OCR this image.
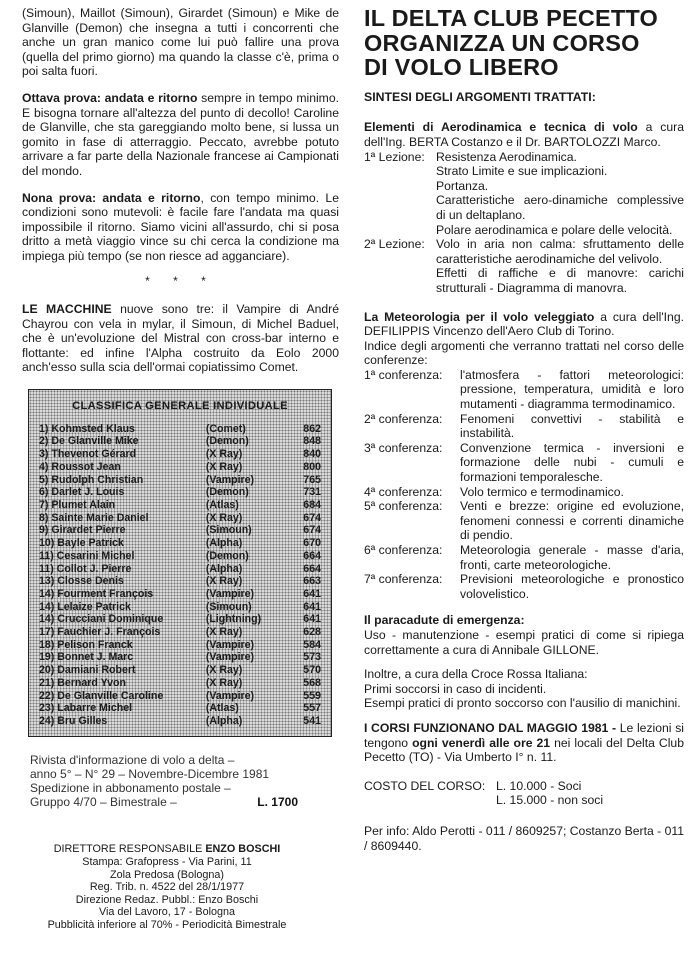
(Simoun), Maillot (Simoun), Girardet (Simoun) e Mike de Glanville (Demon) che insegna a tutti i concorrenti che anche un gran manico come lui può fallire una prova (quella del primo giorno) ma quando la classe c'è, prima o poi salta fuori.

Ottava prova: andata e ritorno sempre in tempo minimo. E bisogna tornare all'altezza del punto di decollo! Caroline de Glanville, che sta gareggiando molto bene, si lussa un gomito in fase di atterraggio. Peccato, avrebbe potuto arrivare a far parte della Nazionale francese ai Campionati del mondo.

Nona prova: andata e ritorno, con tempo minimo. Le condizioni sono mutevoli: è facile fare l'andata ma quasi impossibile il ritorno. Siamo vicini all'assurdo, chi si posa dritto a metà viaggio vince su chi cerca la condizione ma impiega più tempo (se non riesce ad agganciare).

* * *

LE MACCHINE nuove sono tre: il Vampire di André Chayrou con vela in mylar, il Simoun, di Michel Baduel, che è un'evoluzione del Mistral con cross-bar interno e flottante: ed infine l'Alpha costruito da Eolo 2000 anch'esso sulla scia dell'ormai copiatissimo Comet.

CLASSIFICA GENERALE INDIVIDUALE
1) Kohmsted Klaus	(Comet)	862
2) De Glanville Mike	(Demon)	848
3) Thevenot Gérard	(X Ray)	840
4) Roussot Jean	(X Ray)	800
5) Rudolph Christian	(Vampire)	765
6) Darlet J. Louis	(Demon)	731
7) Plumet Alain	(Atlas)	684
8) Sainte Marie Daniel	(X Ray)	674
9) Girardet Pierre	(Simoun)	674
10) Bayle Patrick	(Alpha)	670
11) Cesarini Michel	(Demon)	664
11) Collot J. Pierre	(Alpha)	664
13) Closse Denis	(X Ray)	663
14) Fourment François	(Vampire)	641
14) Lelaize Patrick	(Simoun)	641
14) Crucciani Dominique	(Lightning)	641
17) Fauchier J. François	(X Ray)	628
18) Pelison Franck	(Vampire)	584
19) Bonnet J. Marc	(Vampire)	573
20) Damiani Robert	(X Ray)	570
21) Bernard Yvon	(X Ray)	568
22) De Glanville Caroline	(Vampire)	559
23) Labarre Michel	(Atlas)	557
24) Bru Gilles	(Alpha)	541
Rivista d'informazione di volo a delta –
anno 5° – N° 29 – Novembre-Dicembre 1981
Spedizione in abbonamento postale –
Gruppo 4/70 – Bimestrale –	L. 1700
DIRETTORE RESPONSABILE ENZO BOSCHI
Stampa: Grafopress - Via Parini, 11
Zola Predosa (Bologna)
Reg. Trib. n. 4522 del 28/1/1977
Direzione Redaz. Pubbl.: Enzo Boschi
Via del Lavoro, 17 - Bologna
Pubblicità inferiore al 70% - Periodicità Bimestrale
IL DELTA CLUB PECETTO
ORGANIZZA UN CORSO
DI VOLO LIBERO
SINTESI DEGLI ARGOMENTI TRATTATI:

Elementi di Aerodinamica e tecnica di volo a cura dell'Ing. BERTA Costanzo e il Dr. BARTOLOZZI Marco.

1ª Lezione: Resistenza Aerodinamica.
Strato Limite e sue implicazioni.
Portanza.
Caratteristiche aero-dinamiche complessive di un deltaplano.
Polare aerodinamica e polare delle velocità.
2ª Lezione: Volo in aria non calma: sfruttamento delle caratteristiche aerodinamiche del velivolo.
Effetti di raffiche e di manovre: carichi strutturali - Diagramma di manovra.

La Meteorologia per il volo veleggiato a cura dell'Ing. DEFILIPPIS Vincenzo dell'Aero Club di Torino.

Indice degli argomenti che verranno trattati nel corso delle conferenze:

1ª conferenza:	l'atmosfera - fattori meteorologici: pressione, temperatura, umidità e loro mutamenti - diagramma termodinamico.
2ª conferenza:	Fenomeni convettivi - stabilità e instabilità.
3ª conferenza:	Convenzione termica - inversioni e formazione delle nubi - cumuli e formazioni temporalesche.
4ª conferenza:	Volo termico e termodinamico.
5ª conferenza:	Venti e brezze: origine ed evoluzione, fenomeni connessi e correnti dinamiche di pendio.
6ª conferenza:	Meteorologia generale - masse d'aria, fronti, carte meteorologiche.
7ª conferenza:	Previsioni meteorologiche e pronostico volovelistico.

Il paracadute di emergenza:

Uso - manutenzione - esempi pratici di come si ripiega correttamente a cura di Annibale GILLONE.

Inoltre, a cura della Croce Rossa Italiana:

Primi soccorsi in caso di incidenti.

Esempi pratici di pronto soccorso con l'ausilio di manichini.

I CORSI FUNZIONANO DAL MAGGIO 1981 - Le lezioni si tengono ogni venerdì alle ore 21 nei locali del Delta Club Pecetto (TO) - Via Umberto I° n. 11.

COSTO DEL CORSO: L. 10.000 - Soci
L. 15.000 - non soci

Per info: Aldo Perotti - 011 / 8609257; Costanzo Berta - 011 / 8609440.
